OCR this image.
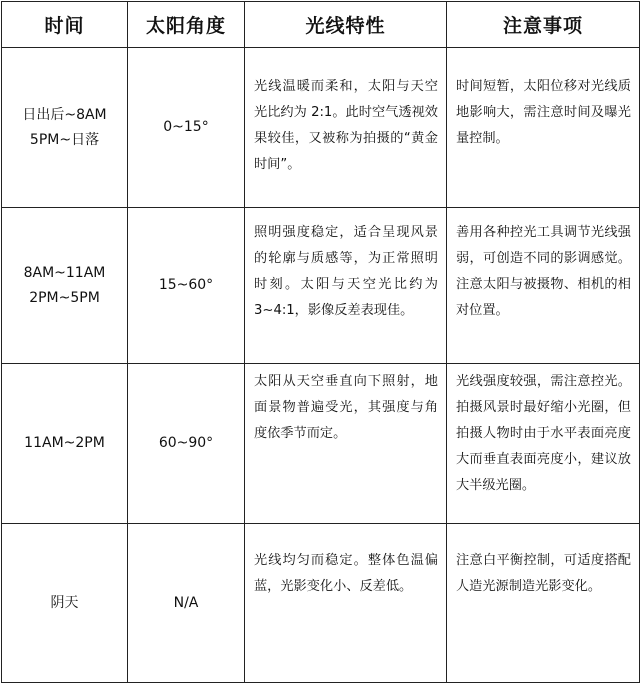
时间	太阳角度	光线特性	注意事项

日出后~8AM
5PM~日落	0~15°	光线温暖而柔和，太阳与天空光比约为 2:1。此时空气透视效果较佳，又被称为拍摄的“黄金时间”。	时间短暂，太阳位移对光线质地影响大，需注意时间及曝光量控制。

8AM~11AM
2PM~5PM	15~60°	照明强度稳定，适合呈现风景的轮廓与质感等，为正常照明时刻。太阳与天空光比约为 3~4:1，影像反差表现佳。	善用各种控光工具调节光线强弱，可创造不同的影调感觉。注意太阳与被摄物、相机的相对位置。

11AM~2PM	60~90°	太阳从天空垂直向下照射，地面景物普遍受光，其强度与角度依季节而定。	光线强度较强，需注意控光。拍摄风景时最好缩小光圈，但拍摄人物时由于水平表面亮度大而垂直表面亮度小，建议放大半级光圈。

阴天	N/A	光线均匀而稳定。整体色温偏蓝，光影变化小、反差低。	注意白平衡控制，可适度搭配人造光源制造光影变化。
